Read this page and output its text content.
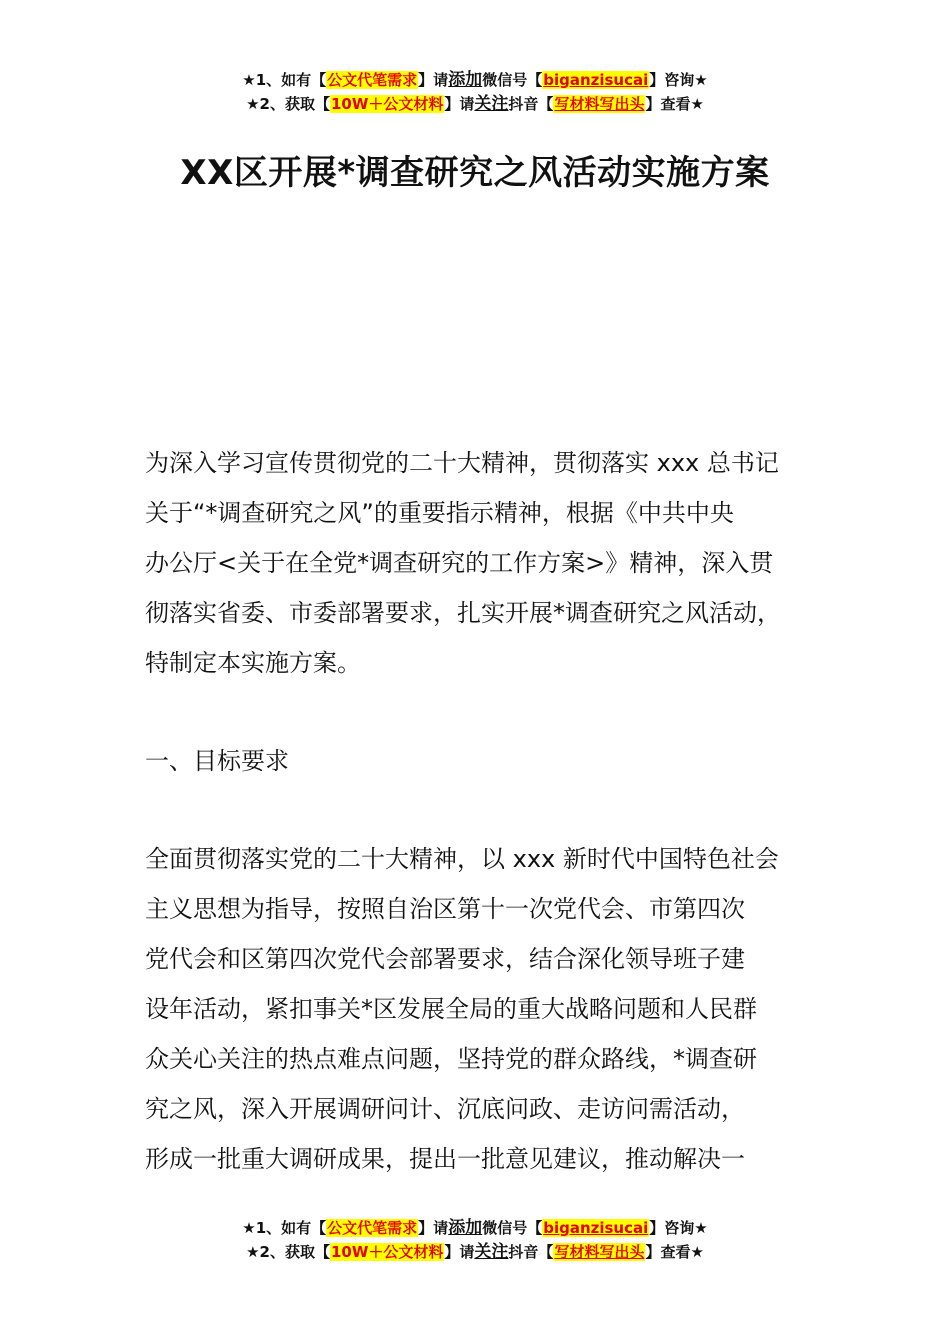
★1、如有【公文代笔需求】请添加微信号【biganzisucai】咨询★
★2、获取【10W＋公文材料】请关注抖音【写材料写出头】查看★
XX区开展*调查研究之风活动实施方案
为深入学习宣传贯彻党的二十大精神，贯彻落实 xxx 总书记
关于“*调查研究之风”的重要指示精神，根据《中共中央
办公厅<关于在全党*调查研究的工作方案>》精神，深入贯
彻落实省委、市委部署要求，扎实开展*调查研究之风活动，
特制定本实施方案。
一、目标要求
全面贯彻落实党的二十大精神，以 xxx 新时代中国特色社会
主义思想为指导，按照自治区第十一次党代会、市第四次
党代会和区第四次党代会部署要求，结合深化领导班子建
设年活动，紧扣事关*区发展全局的重大战略问题和人民群
众关心关注的热点难点问题，坚持党的群众路线，*调查研
究之风，深入开展调研问计、沉底问政、走访问需活动，
形成一批重大调研成果，提出一批意见建议，推动解决一
★1、如有【公文代笔需求】请添加微信号【biganzisucai】咨询★
★2、获取【10W＋公文材料】请关注抖音【写材料写出头】查看★
